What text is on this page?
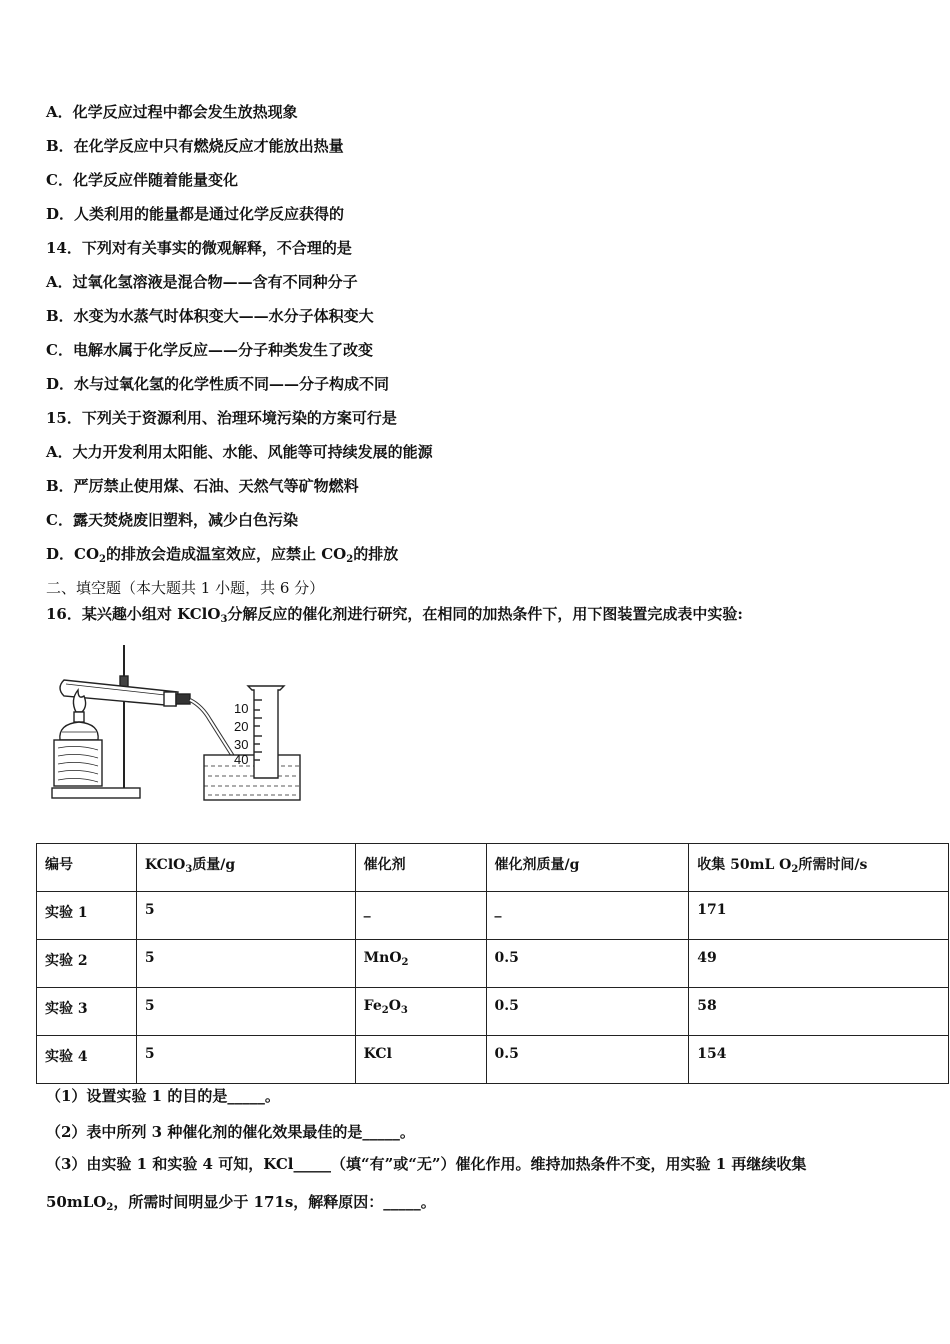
A．化学反应过程中都会发生放热现象
B．在化学反应中只有燃烧反应才能放出热量
C．化学反应伴随着能量变化
D．人类利用的能量都是通过化学反应获得的
14．下列对有关事实的微观解释，不合理的是
A．过氧化氢溶液是混合物——含有不同种分子
B．水变为水蒸气时体积变大——水分子体积变大
C．电解水属于化学反应——分子种类发生了改变
D．水与过氧化氢的化学性质不同——分子构成不同
15．下列关于资源利用、治理环境污染的方案可行是
A．大力开发利用太阳能、水能、风能等可持续发展的能源
B．严厉禁止使用煤、石油、天然气等矿物燃料
C．露天焚烧废旧塑料，减少白色污染
D．$CO_2$的排放会造成温室效应，应禁止 $CO_2$的排放
二、填空题（本大题共 1 小题，共 6 分）
16．某兴趣小组对 KClO$_3$分解反应的催化剂进行研究，在相同的加热条件下，用下图装置完成表中实验:
10
20
30
40
编号	KClO$_3$质量/g	催化剂	催化剂质量/g	收集 50mL $O_2$所需时间/s
实验 1	5	_	_	171
实验 2	5	MnO$_2$	0.5	49
实验 3	5	$Fe_2O_3$	0.5	58
实验 4	5	KCl	0.5	154
（1）设置实验 1 的目的是_____。
（2）表中所列 3 种催化剂的催化效果最佳的是_____。
（3）由实验 1 和实验 4 可知，KCl_____（填“有”或“无”）催化作用。维持加热条件不变，用实验 1 再继续收集
50mLO$_2$，所需时间明显少于 171s，解释原因：_____。
